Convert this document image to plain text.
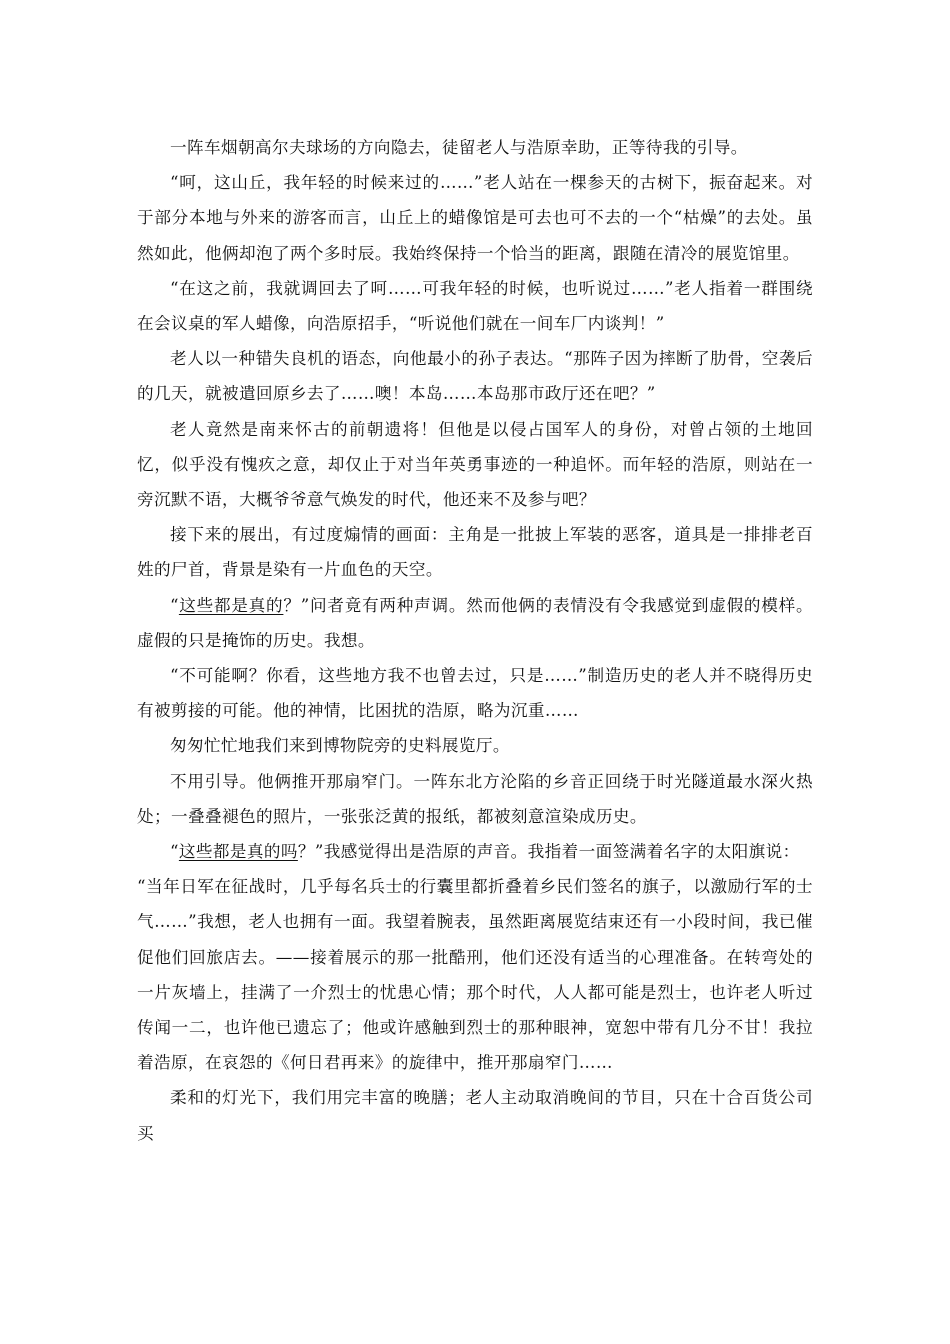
一阵车烟朝高尔夫球场的方向隐去，徒留老人与浩原幸助，正等待我的引导。

“呵，这山丘，我年轻的时候来过的……”老人站在一棵参天的古树下，振奋起来。对于部分本地与外来的游客而言，山丘上的蜡像馆是可去也可不去的一个“枯燥”的去处。虽然如此，他俩却泡了两个多时辰。我始终保持一个恰当的距离，跟随在清冷的展览馆里。

“在这之前，我就调回去了呵……可我年轻的时候，也听说过……”老人指着一群围绕在会议桌的军人蜡像，向浩原招手，“听说他们就在一间车厂内谈判！”

老人以一种错失良机的语态，向他最小的孙子表达。“那阵子因为摔断了肋骨，空袭后的几天，就被遣回原乡去了……噢！本岛……本岛那市政厅还在吧？”

老人竟然是南来怀古的前朝遗将！但他是以侵占国军人的身份，对曾占领的土地回忆，似乎没有愧疚之意，却仅止于对当年英勇事迹的一种追怀。而年轻的浩原，则站在一旁沉默不语，大概爷爷意气焕发的时代，他还来不及参与吧？

接下来的展出，有过度煽情的画面：主角是一批披上军装的恶客，道具是一排排老百姓的尸首，背景是染有一片血色的天空。

“这些都是真的？”问者竟有两种声调。然而他俩的表情没有令我感觉到虚假的模样。虚假的只是掩饰的历史。我想。

“不可能啊？你看，这些地方我不也曾去过，只是……”制造历史的老人并不晓得历史有被剪接的可能。他的神情，比困扰的浩原，略为沉重……

匆匆忙忙地我们来到博物院旁的史料展览厅。

不用引导。他俩推开那扇窄门。一阵东北方沦陷的乡音正回绕于时光隧道最水深火热处；一叠叠褪色的照片，一张张泛黄的报纸，都被刻意渲染成历史。

“这些都是真的吗？”我感觉得出是浩原的声音。我指着一面签满着名字的太阳旗说：

“当年日军在征战时，几乎每名兵士的行囊里都折叠着乡民们签名的旗子，以激励行军的士气……”我想，老人也拥有一面。我望着腕表，虽然距离展览结束还有一小段时间，我已催促他们回旅店去。——接着展示的那一批酷刑，他们还没有适当的心理准备。在转弯处的一片灰墙上，挂满了一介烈士的忧患心情；那个时代，人人都可能是烈士，也许老人听过传闻一二，也许他已遗忘了；他或许感触到烈士的那种眼神，宽恕中带有几分不甘！我拉着浩原，在哀怨的《何日君再来》的旋律中，推开那扇窄门……

柔和的灯光下，我们用完丰富的晚膳；老人主动取消晚间的节目，只在十合百货公司买
